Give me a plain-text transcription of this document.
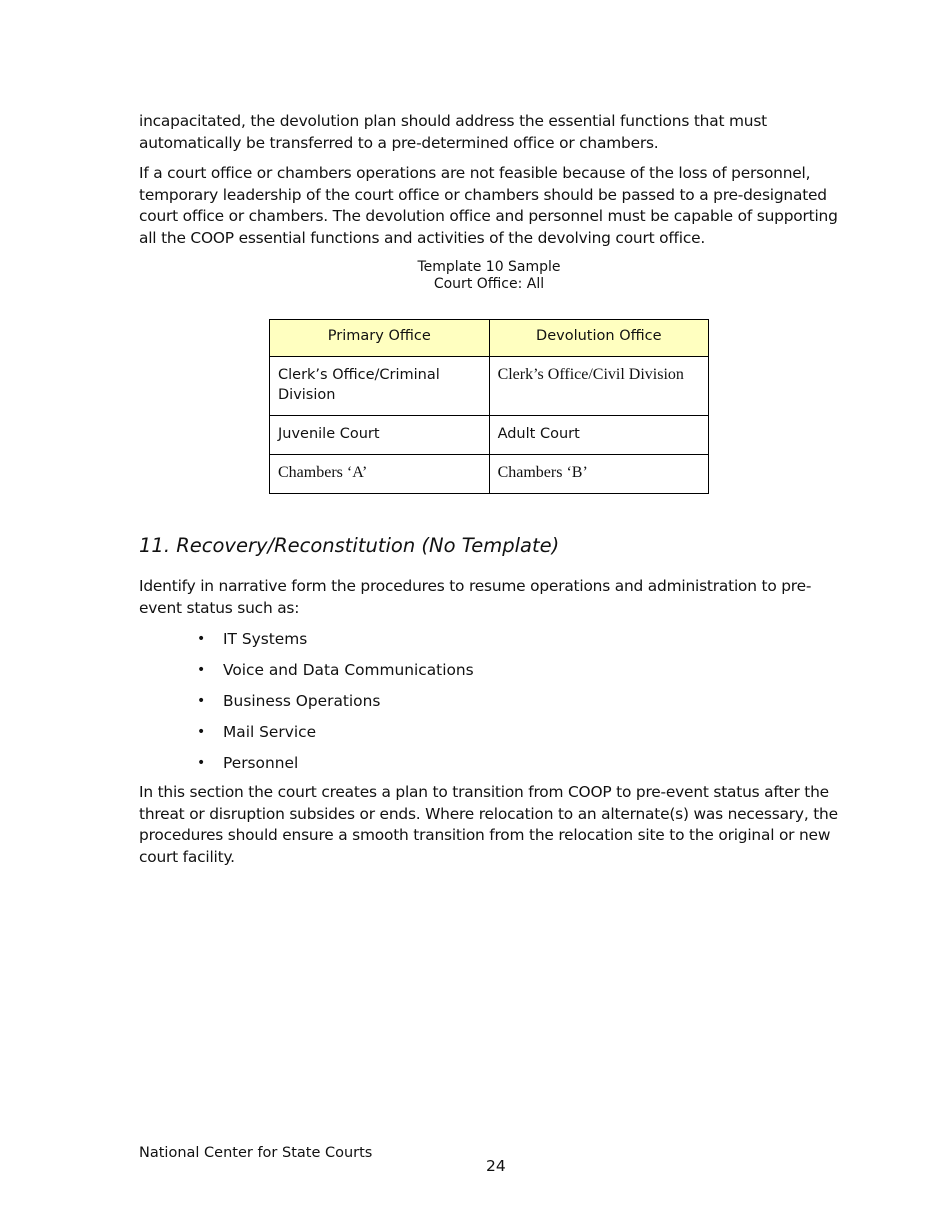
incapacitated, the devolution plan should address the essential functions that must automatically be transferred to a pre-determined office or chambers.

If a court office or chambers operations are not feasible because of the loss of personnel, temporary leadership of the court office or chambers should be passed to a pre-designated court office or chambers. The devolution office and personnel must be capable of supporting all the COOP essential functions and activities of the devolving court office.

Template 10 Sample
Court Office: All
Primary Office	Devolution Office
Clerk’s Office/Criminal Division	Clerk’s Office/Civil Division
Juvenile Court	Adult Court
Chambers ‘A’	Chambers ‘B’
11. Recovery/Reconstitution (No Template)

Identify in narrative form the procedures to resume operations and administration to pre-event status such as:

• IT Systems
• Voice and Data Communications
• Business Operations
• Mail Service
• Personnel

In this section the court creates a plan to transition from COOP to pre-event status after the threat or disruption subsides or ends. Where relocation to an alternate(s) was necessary, the procedures should ensure a smooth transition from the relocation site to the original or new court facility.

National Center for State Courts
24
